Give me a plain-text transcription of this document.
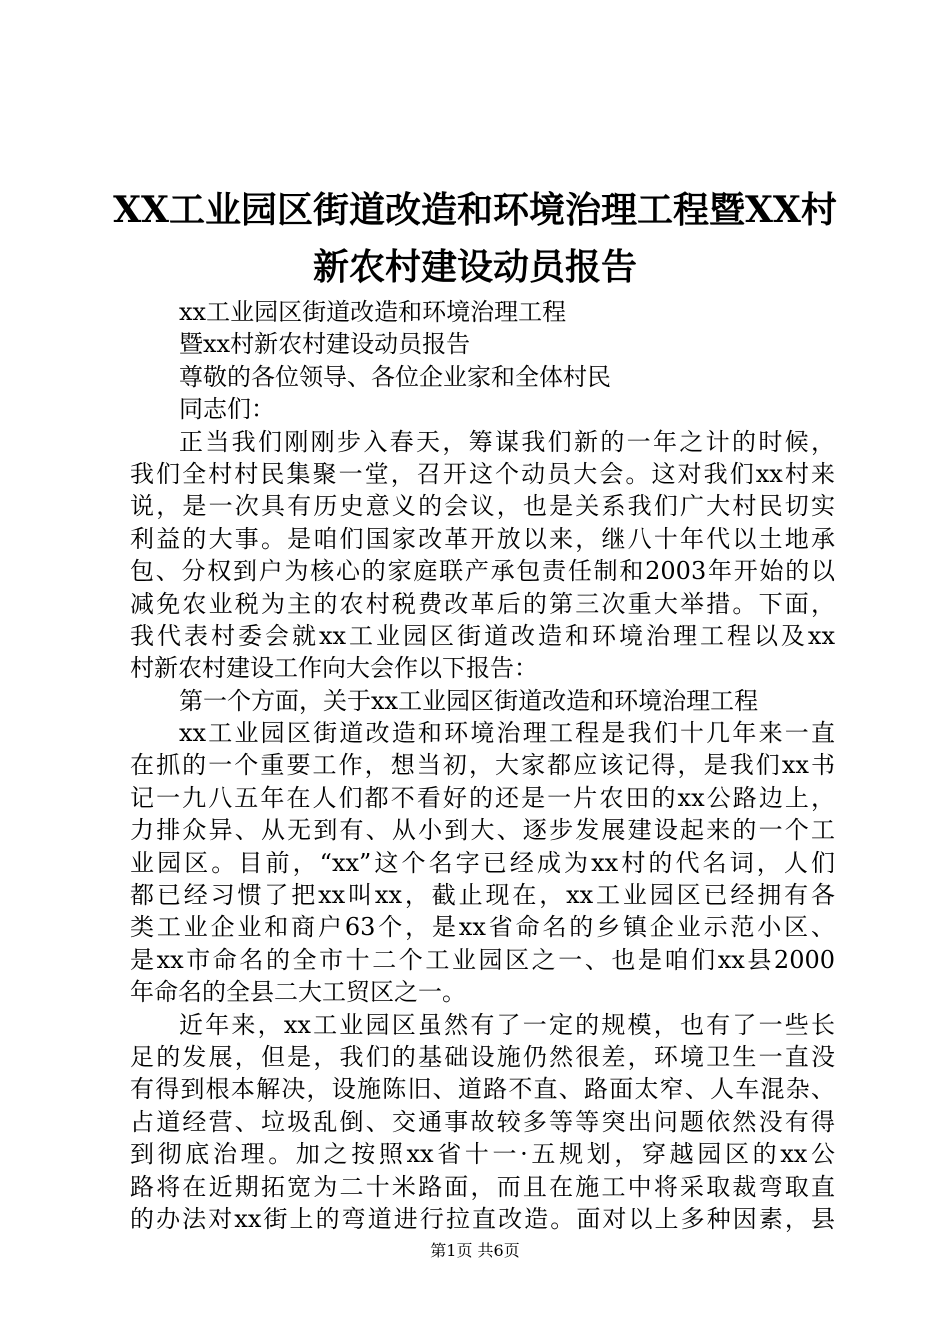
XX工业园区街道改造和环境治理工程暨XX村
新农村建设动员报告
xx工业园区街道改造和环境治理工程
暨xx村新农村建设动员报告
尊敬的各位领导、各位企业家和全体村民
同志们：
正当我们刚刚步入春天，筹谋我们新的一年之计的时候，
我们全村村民集聚一堂，召开这个动员大会。这对我们xx村来
说，是一次具有历史意义的会议，也是关系我们广大村民切实
利益的大事。是咱们国家改革开放以来，继八十年代以土地承
包、分权到户为核心的家庭联产承包责任制和2003年开始的以
减免农业税为主的农村税费改革后的第三次重大举措。下面，
我代表村委会就xx工业园区街道改造和环境治理工程以及xx
村新农村建设工作向大会作以下报告：
第一个方面，关于xx工业园区街道改造和环境治理工程
xx工业园区街道改造和环境治理工程是我们十几年来一直
在抓的一个重要工作，想当初，大家都应该记得，是我们xx书
记一九八五年在人们都不看好的还是一片农田的xx公路边上，
力排众异、从无到有、从小到大、逐步发展建设起来的一个工
业园区。目前，“xx”这个名字已经成为xx村的代名词，人们
都已经习惯了把xx叫xx，截止现在，xx工业园区已经拥有各
类工业企业和商户63个，是xx省命名的乡镇企业示范小区、
是xx市命名的全市十二个工业园区之一、也是咱们xx县2000
年命名的全县二大工贸区之一。
近年来，xx工业园区虽然有了一定的规模，也有了一些长
足的发展，但是，我们的基础设施仍然很差，环境卫生一直没
有得到根本解决，设施陈旧、道路不直、路面太窄、人车混杂、
占道经营、垃圾乱倒、交通事故较多等等突出问题依然没有得
到彻底治理。加之按照xx省十一·五规划，穿越园区的xx公
路将在近期拓宽为二十米路面，而且在施工中将采取裁弯取直
的办法对xx街上的弯道进行拉直改造。面对以上多种因素，县
第1页 共6页
